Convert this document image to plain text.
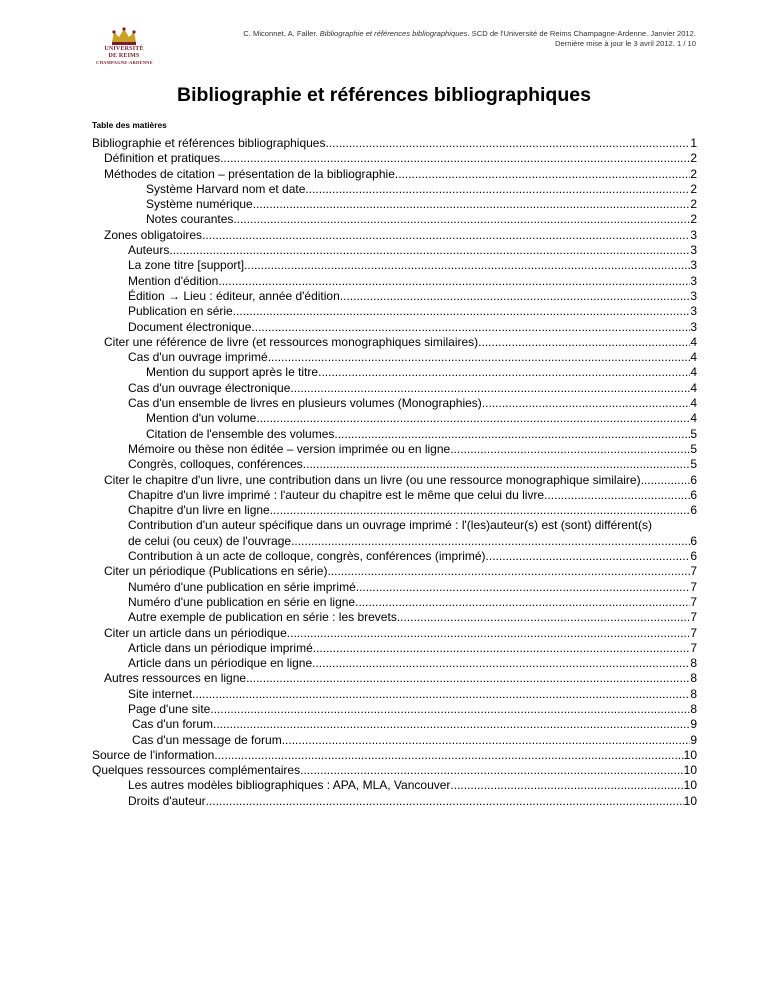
UNIVERSITÉ
DE REIMS
CHAMPAGNE-ARDENNE
C. Miconnet, A. Faller. Bibliographie et références bibliographiques. SCD de l'Université de Reims Champagne-Ardenne. Janvier 2012.
Dernière mise à jour le 3 avril 2012. 1 / 10
Bibliographie et références bibliographiques
Table des matières
Bibliographie et références bibliographiques .....	1
Définition et pratiques .....	2
Méthodes de citation – présentation de la bibliographie .....	2
Système Harvard nom et date .....	2
Système numérique .....	2
Notes courantes .....	2
Zones obligatoires .....	3
Auteurs .....	3
La zone titre [support] .....	3
Mention d'édition .....	3
Édition → Lieu : éditeur, année d'édition. .....	3
Publication en série .....	3
Document électronique .....	3
Citer une référence de livre (et ressources monographiques similaires) .....	4
Cas d'un ouvrage imprimé .....	4
Mention du support après le titre .....	4
Cas d'un ouvrage électronique .....	4
Cas d'un ensemble de livres en plusieurs volumes (Monographies) .....	4
Mention d'un volume .....	4
Citation de l'ensemble des volumes .....	5
Mémoire ou thèse non éditée – version imprimée ou en ligne .....	5
Congrès, colloques, conférences .....	5
Citer le chapitre d'un livre, une contribution dans un livre (ou une ressource monographique similaire). .....	6
Chapitre d'un livre imprimé : l'auteur du chapitre est le même que celui du livre .....	6
Chapitre d'un livre en ligne .....	6
Contribution d'un auteur spécifique dans un ouvrage imprimé : l'(les)auteur(s) est (sont) différent(s)
de celui (ou ceux) de l'ouvrage .....	6
Contribution à un acte de colloque, congrès, conférences (imprimé) .....	6
Citer un périodique (Publications en série) .....	7
Numéro d'une publication en série imprimé .....	7
Numéro d'une publication en série en ligne .....	7
Autre exemple de publication en série : les brevets .....	7
Citer un article dans un périodique .....	7
Article dans un périodique imprimé .....	7
Article dans un périodique en ligne .....	8
Autres ressources en ligne .....	8
Site internet .....	8
Page d'une site .....	8
Cas d'un forum .....	9
Cas d'un message de forum .....	9
Source de l'information .....	10
Quelques ressources complémentaires .....	10
Les autres modèles bibliographiques : APA, MLA, Vancouver .....	10
Droits d'auteur .....	10
